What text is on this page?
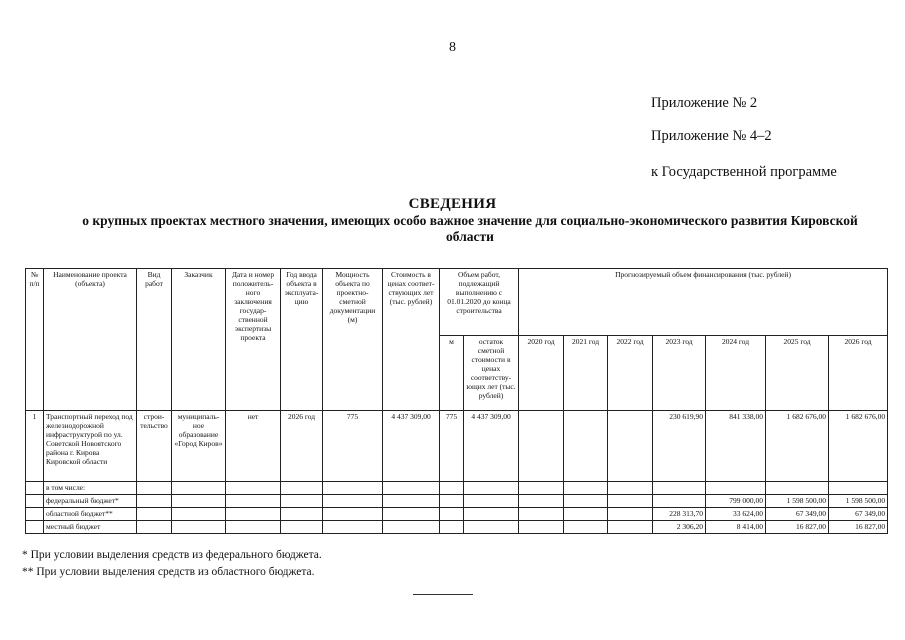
8
Приложение № 2
Приложение № 4–2
к Государственной программе
СВЕДЕНИЯ
о крупных проектах местного значения, имеющих особо важное значение для социально-экономического развития Кировской области
№ п/п	Наименование проекта (объекта)	Вид работ	Заказчик	Дата и номер положитель-ного заключения государ-ственной экспертизы проекта	Год ввода объекта в эксплуата-цию	Мощность объекта по проектно-сметной документации (м)	Стоимость в ценах соответ-ствующих лет (тыс. рублей)	Объем работ, подлежащий выполнению с 01.01.2020 до конца строительства		Прогнозируемый объем финансирования (тыс. рублей)						
								м	остаток сметной стоимости в ценах соответству-ющих лет (тыс. рублей)	2020 год	2021 год	2022 год	2023 год	2024 год	2025 год	2026 год
1	Транспортный переход под железнодорожной инфраструктурой по ул. Советской Новоятского района г. Кирова Кировской области	строи-тельство	муниципаль-ное образование «Город Киров»	нет	2026 год	775	4 437 309,00	775	4 437 309,00				230 619,90	841 338,00	1 682 676,00	1 682 676,00
	в том числе:															
	федеральный бюджет*													799 000,00	1 598 500,00	1 598 500,00
	областной бюджет**												228 313,70	33 624,00	67 349,00	67 349,00
	местный бюджет												2 306,20	8 414,00	16 827,00	16 827,00
* При условии выделения средств из федерального бюджета.
** При условии выделения средств из областного бюджета.
